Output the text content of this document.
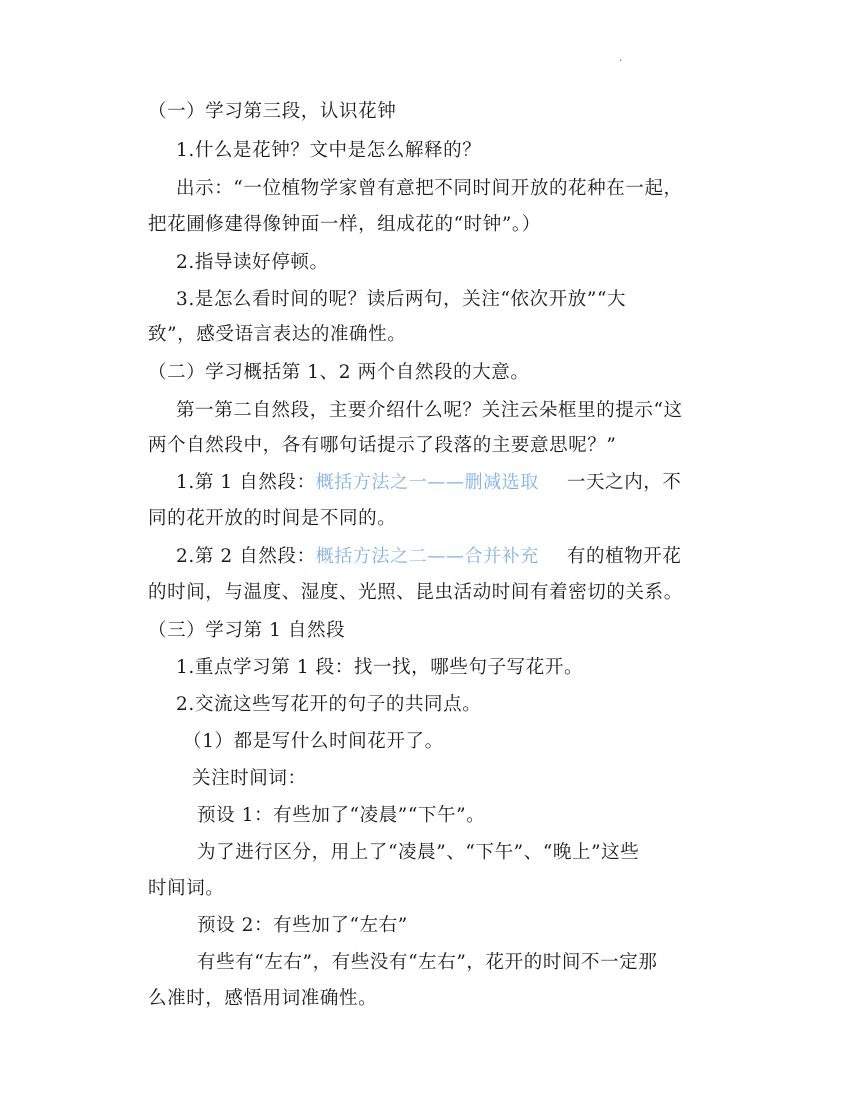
.
（一）学习第三段，认识花钟
1.什么是花钟？文中是怎么解释的？
出示：“一位植物学家曾有意把不同时间开放的花种在一起，
把花圃修建得像钟面一样，组成花的“时钟”。）
2.指导读好停顿。
3.是怎么看时间的呢？读后两句，关注“依次开放”“大
致”，感受语言表达的准确性。
（二）学习概括第 1、2 两个自然段的大意。
第一第二自然段，主要介绍什么呢？关注云朵框里的提示“这
两个自然段中，各有哪句话提示了段落的主要意思呢？”
1.第 1 自然段：概括方法之一——删减选取 一天之内，不
同的花开放的时间是不同的。
2.第 2 自然段：概括方法之二——合并补充 有的植物开花
的时间，与温度、湿度、光照、昆虫活动时间有着密切的关系。
（三）学习第 1 自然段
1.重点学习第 1 段：找一找，哪些句子写花开。
2.交流这些写花开的句子的共同点。
（1）都是写什么时间花开了。
关注时间词：
预设 1：有些加了“凌晨”“下午”。
为了进行区分，用上了“凌晨”、“下午”、“晚上”这些
时间词。
预设 2：有些加了“左右”
有些有“左右”，有些没有“左右”，花开的时间不一定那
么准时，感悟用词准确性。
